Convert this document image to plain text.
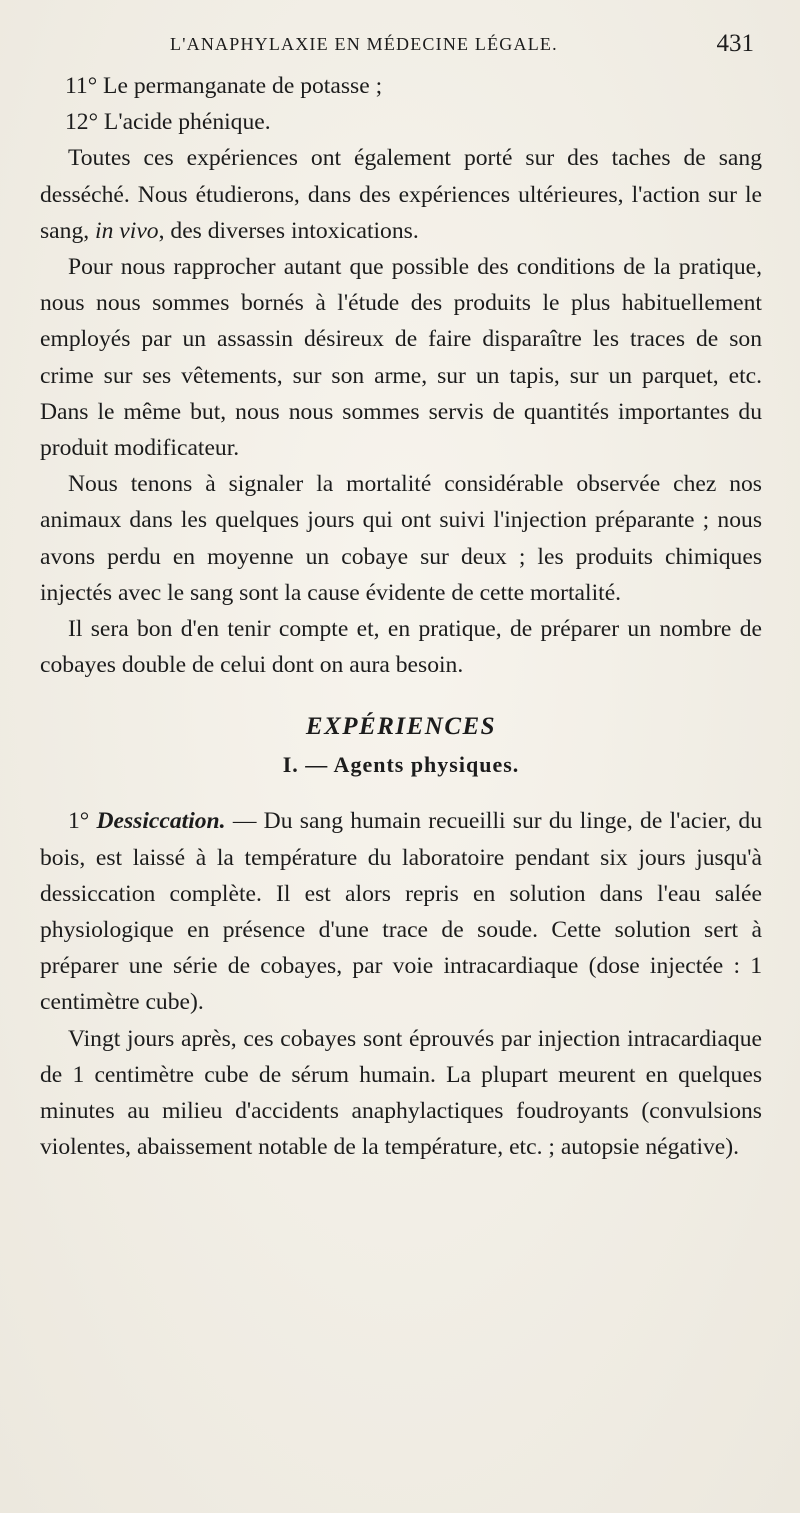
L'ANAPHYLAXIE EN MÉDECINE LÉGALE.	431

11° Le permanganate de potasse ;

12° L'acide phénique.

Toutes ces expériences ont également porté sur des taches de sang desséché. Nous étudierons, dans des expériences ultérieures, l'action sur le sang, in vivo, des diverses intoxications.

Pour nous rapprocher autant que possible des conditions de la pratique, nous nous sommes bornés à l'étude des produits le plus habituellement employés par un assassin désireux de faire disparaître les traces de son crime sur ses vêtements, sur son arme, sur un tapis, sur un parquet, etc. Dans le même but, nous nous sommes servis de quantités importantes du produit modificateur.

Nous tenons à signaler la mortalité considérable observée chez nos animaux dans les quelques jours qui ont suivi l'injection préparante ; nous avons perdu en moyenne un cobaye sur deux ; les produits chimiques injectés avec le sang sont la cause évidente de cette mortalité.

Il sera bon d'en tenir compte et, en pratique, de préparer un nombre de cobayes double de celui dont on aura besoin.

EXPÉRIENCES
I. — Agents physiques.

1° Dessiccation. — Du sang humain recueilli sur du linge, de l'acier, du bois, est laissé à la température du laboratoire pendant six jours jusqu'à dessiccation complète. Il est alors repris en solution dans l'eau salée physiologique en présence d'une trace de soude. Cette solution sert à préparer une série de cobayes, par voie intracardiaque (dose injectée : 1 centimètre cube).

Vingt jours après, ces cobayes sont éprouvés par injection intracardiaque de 1 centimètre cube de sérum humain. La plupart meurent en quelques minutes au milieu d'accidents anaphylactiques foudroyants (convulsions violentes, abaissement notable de la température, etc. ; autopsie négative).
